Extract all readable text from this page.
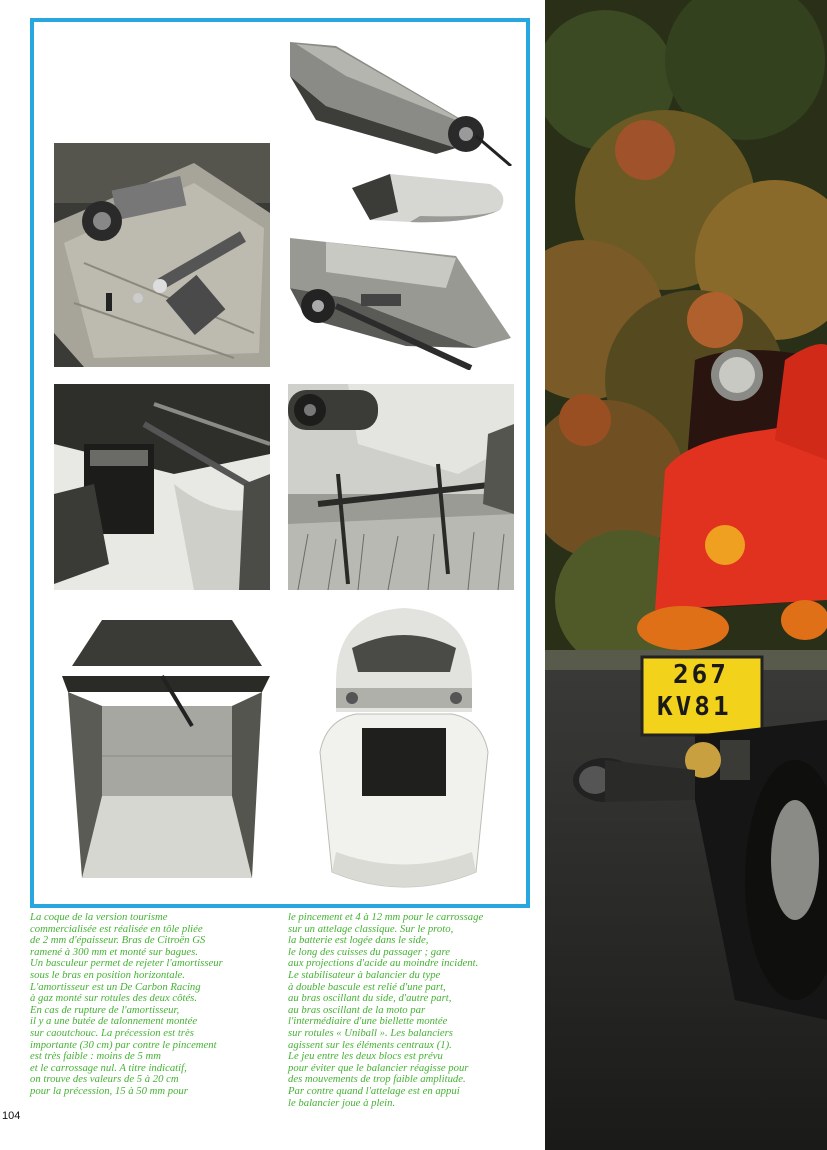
267
KV81

La coque de la version tourisme

commercialisée est réalisée en tôle pliée

de 2 mm d'épaisseur. Bras de Citroën GS

ramené à 300 mm et monté sur bagues.

Un basculeur permet de rejeter l'amortisseur

sous le bras en position horizontale.

L'amortisseur est un De Carbon Racing

à gaz monté sur rotules des deux côtés.

En cas de rupture de l'amortisseur,

il y a une butée de talonnement montée

sur caoutchouc. La précession est très

importante (30 cm) par contre le pincement

est très faible : moins de 5 mm

et le carrossage nul. A titre indicatif,

on trouve des valeurs de 5 à 20 cm

pour la précession, 15 à 50 mm pour

le pincement et 4 à 12 mm pour le carrossage

sur un attelage classique. Sur le proto,

la batterie est logée dans le side,

le long des cuisses du passager ; gare

aux projections d'acide au moindre incident.

Le stabilisateur à balancier du type

à double bascule est relié d'une part,

au bras oscillant du side, d'autre part,

au bras oscillant de la moto par

l'intermédiaire d'une biellette montée

sur rotules « Uniball ». Les balanciers

agissent sur les éléments centraux (1).

Le jeu entre les deux blocs est prévu

pour éviter que le balancier réagisse pour

des mouvements de trop faible amplitude.

Par contre quand l'attelage est en appui

le balancier joue à plein.

104
